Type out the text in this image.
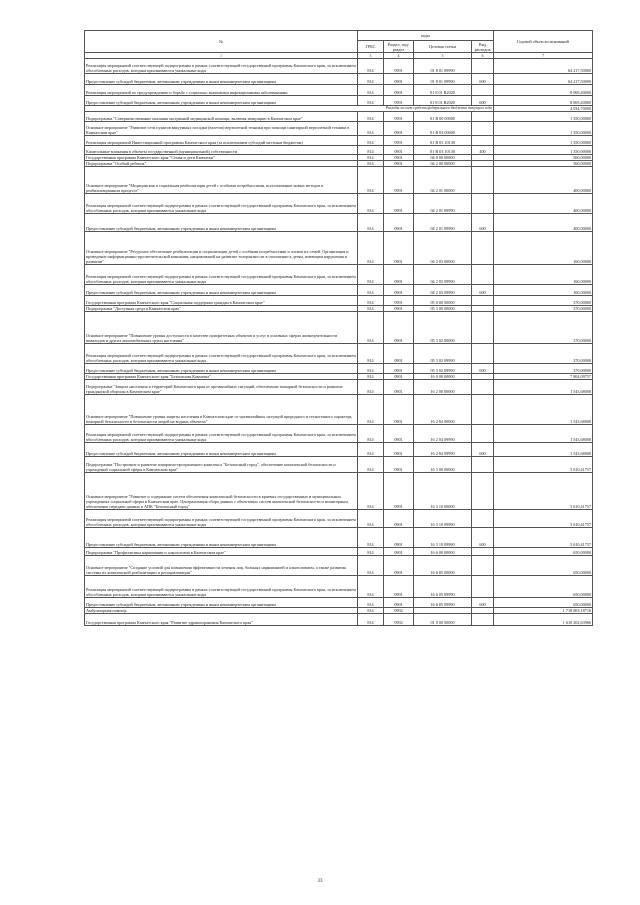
№	коды				Годовой объем ассигнований
	ГРБС	Раздел, под- раздел	Целевая статья	Вид расходов	
1	3	4	5	6	7
Реализация мероприятий соответствующей подпрограммы в рамках соответствующей государственной программы Камчатского края, за исключением обособленных расходов, которым присваиваются уникальные коды	814	0901	01 8 01 09990		64 217,50000
Предоставление субсидий бюджетным, автономным учреждениям и иным некоммерческим организациям	814	0901	01 8 01 09990	600	64 217,50000
Реализация мероприятий по предупреждению и борьбе с социально значимыми инфекционными заболеваниями	814	0901	01 8 01 R2020		8 069,40000
Предоставление субсидий бюджетным, автономным учреждениям и иным некоммерческим организациям	814	0901	01 8 01 R2020	600	8 069,40000
Расходы за счет средств федерального бюджета текущего года					4 034,70000
Подпрограмма "Совершенствование оказания экстренной медицинской помощи, включая эвакуацию в Камчатском крае"	814	0901	01 В 00 00000		1 350,00000
Основное мероприятие "Развитие сети пунктов вакуумных посадки (взлетов) вертолетной техники при помощи санитарной вертолетной техники в Камчатском крае"	814	0901	01 В 03 00000		1 350,00000
Реализация мероприятий Инвестиционной программы Камчатского края (за исключением субсидий местным бюджетам)	814	0901	01 В 03 10130		1 350,00000
Капитальные вложения в объекты государственной (муниципальной) собственности	814	0901	01 В 03 10130	400	1 350,00000
Государственная программа Камчатского края "Семья и дети Камчатки"	814	0901	04 0 00 00000		560,00000
Подпрограмма "Особый ребенок"	814	0901	04 2 00 00000		560,00000
Основное мероприятие "Медицинская и социальная реабилитация детей с особыми потребностями, использование новых методов в реабилитационном процессе"	814	0901	04 2 01 00000		400,00000
Реализация мероприятий соответствующей подпрограммы в рамках соответствующей государственной программы Камчатского края, за исключением обособленных расходов, которым присваиваются уникальные коды	814	0901	04 2 01 09990		400,00000
Предоставление субсидий бюджетным, автономным учреждениям и иным некоммерческим организациям	814	0901	04 2 01 09990	600	400,00000
Основное мероприятие "Ресурсное обеспечение реабилитации и социализации детей с особыми потребностями и членов их семей. Организация и проведение информационно-просветительской кампании, направленной на развитие толерантности в отношении к детям, имеющим нарушения в развитии"	814	0901	04 2 03 00000		160,00000
Реализация мероприятий соответствующей подпрограммы в рамках соответствующей государственной программы Камчатского края, за исключением обособленных расходов, которым присваиваются уникальные коды	814	0901	04 2 03 09990		160,00000
Предоставление субсидий бюджетным, автономным учреждениям и иным некоммерческим организациям	814	0901	04 2 03 09990	600	160,00000
Государственная программа Камчатского края "Социальная поддержка граждан в Камчатском крае"	814	0901	05 0 00 00000		370,00000
Подпрограмма "Доступная среда в Камчатском крае"	814	0901	05 3 00 00000		370,00000
Основное мероприятие "Повышение уровня доступности в качестве приоритетных объектов и услуг в основных сферах жизнедеятельности инвалидов и других маломобильных групп населения"	814	0901	05 3 02 00000		370,00000
Реализация мероприятий соответствующей подпрограммы в рамках соответствующей государственной программы Камчатского края, за исключением обособленных расходов, которым присваиваются уникальные коды	814	0901	05 3 02 09990		370,00000
Предоставление субсидий бюджетным, автономным учреждениям и иным некоммерческим организациям	814	0901	05 3 02 09990	600	370,00000
Государственная программа Камчатского края "Безопасная Камчатка"	814	0901	16 0 00 00000		7 804,09757
Подпрограмма "Защита населения и территорий Камчатского края от чрезвычайных ситуаций, обеспечение пожарной безопасности и развитие гражданской обороны в Камчатском крае"	814	0901	16 2 00 00000		1 543,68000
Основное мероприятие "Повышение уровня защиты населения в Камчатском крае от чрезвычайных ситуаций природного и техногенного характера, пожарной безопасности и безопасности людей на водных объектах"	814	0901	16 2 04 00000		1 543,68000
Реализация мероприятий соответствующей подпрограммы в рамках соответствующей государственной программы Камчатского края, за исключением обособленных расходов, которым присваиваются уникальные коды	814	0901	16 2 04 09990		1 543,68000
Предоставление субсидий бюджетным, автономным учреждениям и иным некоммерческим организациям	814	0901	16 2 04 09990	600	1 543,68000
Подпрограмма "Построение и развитие аппаратно-программного комплекса "Безопасный город", обеспечение комплексной безопасности и учреждений социальной сферы в Камчатском крае"	814	0901	16 3 00 00000		5 610,41757
Основное мероприятие "Развитие и содержание систем обеспечения комплексной безопасности в краевых государственных и муниципальных учреждениях социальной сферы в Камчатском крае. Централизация сбора данных с объектовых систем комплексной безопасности и мониторинга, обеспечение передачи данных в АПК "Безопасный город"	814	0901	16 3 10 00000		5 610,41757
Реализация мероприятий соответствующей подпрограммы в рамках соответствующей государственной программы Камчатского края, за исключением обособленных расходов, которым присваиваются уникальные коды	814	0901	16 3 10 09990		5 610,41757
Предоставление субсидий бюджетным, автономным учреждениям и иным некоммерческим организациям	814	0901	16 3 10 09990	600	5 610,41757
Подпрограмма "Профилактика наркомании и алкоголизма в Камчатском крае"	814	0901	16 6 00 00000		650,00000
Основное мероприятие "Создание условий для повышения эффективности лечения лиц, больных наркоманией и алкоголизмом, а также развития системы их комплексной реабилитации и ресоциализации"	814	0901	16 6 05 00000		650,00000
Реализация мероприятий соответствующей подпрограммы в рамках соответствующей государственной программы Камчатского края, за исключением обособленных расходов, которым присваиваются уникальные коды	814	0901	16 6 05 09990		650,00000
Предоставление субсидий бюджетным, автономным учреждениям и иным некоммерческим организациям	814	0901	16 6 05 09990	600	650,00000
Амбулаторная помощь	814	0902			1 718 003,18716
Государственная программа Камчатского края "Развитие здравоохранения Камчатского края"	814	0902	01 0 00 00000		1 610 202,63966
33
